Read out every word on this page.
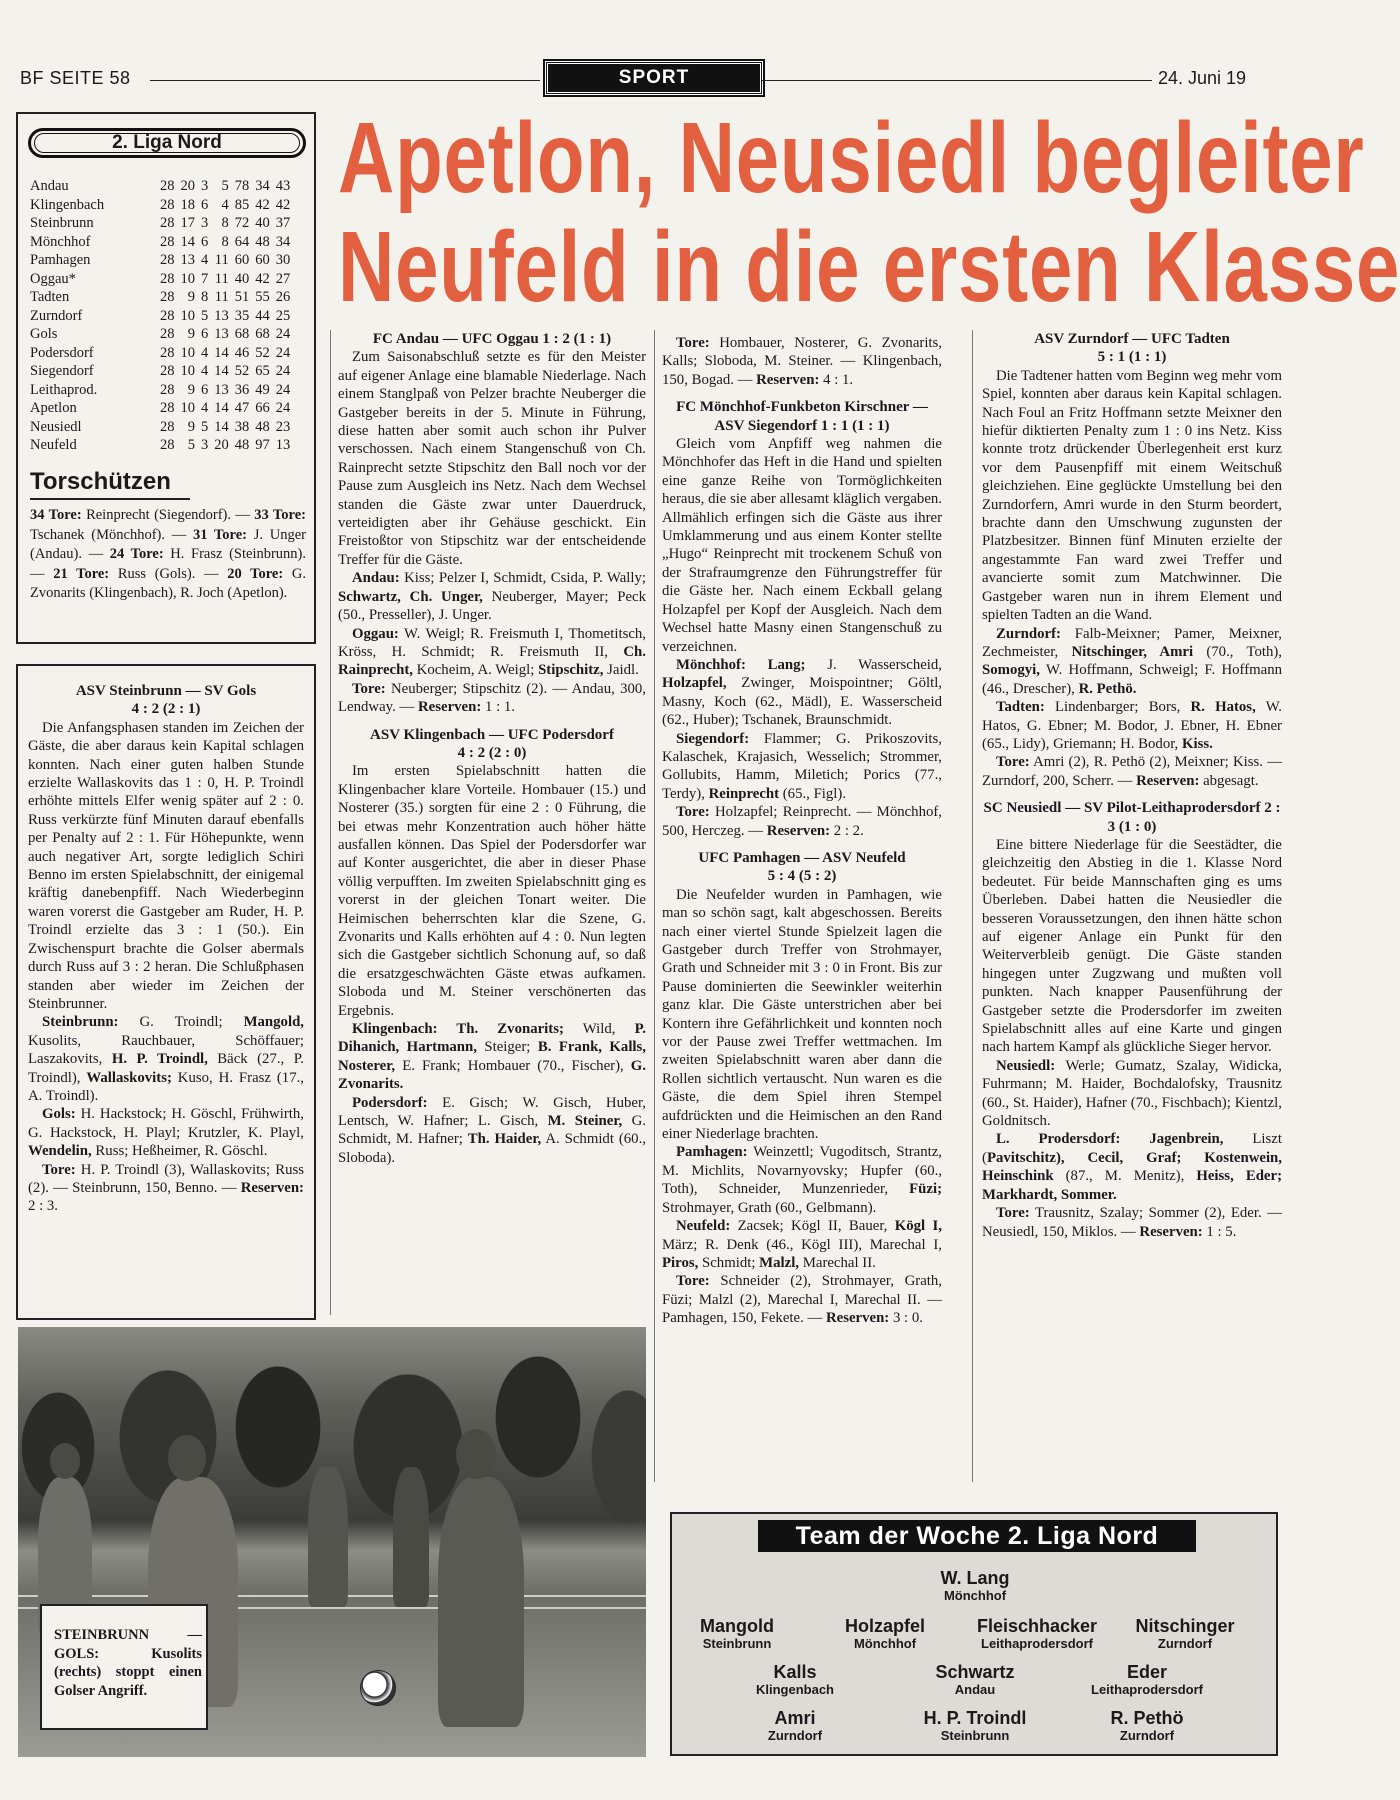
BF SEITE 58	SPORT	24. Juni 19
Apetlon, Neusiedl begleiter
Neufeld in die ersten Klasse
2. Liga Nord
Andau	28	20	3	5	78	34	43
Klingenbach	28	18	6	4	85	42	42
Steinbrunn	28	17	3	8	72	40	37
Mönchhof	28	14	6	8	64	48	34
Pamhagen	28	13	4	11	60	60	30
Oggau*	28	10	7	11	40	42	27
Tadten	28	9	8	11	51	55	26
Zurndorf	28	10	5	13	35	44	25
Gols	28	9	6	13	68	68	24
Podersdorf	28	10	4	14	46	52	24
Siegendorf	28	10	4	14	52	65	24
Leithaprod.	28	9	6	13	36	49	24
Apetlon	28	10	4	14	47	66	24
Neusiedl	28	9	5	14	38	48	23
Neufeld	28	5	3	20	48	97	13
Torschützen
34 Tore: Reinprecht (Siegendorf). — 33 Tore: Tschanek (Mönchhof). — 31 Tore: J. Unger (Andau). — 24 Tore: H. Frasz (Steinbrunn). — 21 Tore: Russ (Gols). — 20 Tore: G. Zvonarits (Klingenbach), R. Joch (Apetlon).
ASV Steinbrunn — SV Gols
4 : 2 (2 : 1)

Die Anfangsphasen standen im Zeichen der Gäste, die aber daraus kein Kapital schlagen konnten. Nach einer guten halben Stunde erzielte Wallaskovits das 1 : 0, H. P. Troindl erhöhte mittels Elfer wenig später auf 2 : 0. Russ verkürzte fünf Minuten darauf ebenfalls per Penalty auf 2 : 1. Für Höhepunkte, wenn auch negativer Art, sorgte lediglich Schiri Benno im ersten Spielabschnitt, der einigemal kräftig danebenpfiff. Nach Wiederbeginn waren vorerst die Gastgeber am Ruder, H. P. Troindl erzielte das 3 : 1 (50.). Ein Zwischenspurt brachte die Golser abermals durch Russ auf 3 : 2 heran. Die Schlußphasen standen aber wieder im Zeichen der Steinbrunner.

Steinbrunn: G. Troindl; Mangold, Kusolits, Rauchbauer, Schöffauer; Laszakovits, H. P. Troindl, Bäck (27., P. Troindl), Wallaskovits; Kuso, H. Frasz (17., A. Troindl).

Gols: H. Hackstock; H. Göschl, Frühwirth, G. Hackstock, H. Playl; Krutzler, K. Playl, Wendelin, Russ; Heßheimer, R. Göschl.

Tore: H. P. Troindl (3), Wallaskovits; Russ (2). — Steinbrunn, 150, Benno. — Reserven: 2 : 3.

FC Andau — UFC Oggau 1 : 2 (1 : 1)

Zum Saisonabschluß setzte es für den Meister auf eigener Anlage eine blamable Niederlage. Nach einem Stanglpaß von Pelzer brachte Neuberger die Gastgeber bereits in der 5. Minute in Führung, diese hatten aber somit auch schon ihr Pulver verschossen. Nach einem Stangenschuß von Ch. Rainprecht setzte Stipschitz den Ball noch vor der Pause zum Ausgleich ins Netz. Nach dem Wechsel standen die Gäste zwar unter Dauerdruck, verteidigten aber ihr Gehäuse geschickt. Ein Freistoßtor von Stipschitz war der entscheidende Treffer für die Gäste.

Andau: Kiss; Pelzer I, Schmidt, Csida, P. Wally; Schwartz, Ch. Unger, Neuberger, Mayer; Peck (50., Presseller), J. Unger.

Oggau: W. Weigl; R. Freismuth I, Thometitsch, Kröss, H. Schmidt; R. Freismuth II, Ch. Rainprecht, Kocheim, A. Weigl; Stipschitz, Jaidl.

Tore: Neuberger; Stipschitz (2). — Andau, 300, Lendway. — Reserven: 1 : 1.

ASV Klingenbach — UFC Podersdorf
4 : 2 (2 : 0)

Im ersten Spielabschnitt hatten die Klingenbacher klare Vorteile. Hombauer (15.) und Nosterer (35.) sorgten für eine 2 : 0 Führung, die bei etwas mehr Konzentration auch höher hätte ausfallen können. Das Spiel der Podersdorfer war auf Konter ausgerichtet, die aber in dieser Phase völlig verpufften. Im zweiten Spielabschnitt ging es vorerst in der gleichen Tonart weiter. Die Heimischen beherrschten klar die Szene, G. Zvonarits und Kalls erhöhten auf 4 : 0. Nun legten sich die Gastgeber sichtlich Schonung auf, so daß die ersatzgeschwächten Gäste etwas aufkamen. Sloboda und M. Steiner verschönerten das Ergebnis.

Klingenbach: Th. Zvonarits; Wild, P. Dihanich, Hartmann, Steiger; B. Frank, Kalls, Nosterer, E. Frank; Hombauer (70., Fischer), G. Zvonarits.

Podersdorf: E. Gisch; W. Gisch, Huber, Lentsch, W. Hafner; L. Gisch, M. Steiner, G. Schmidt, M. Hafner; Th. Haider, A. Schmidt (60., Sloboda).

Tore: Hombauer, Nosterer, G. Zvonarits, Kalls; Sloboda, M. Steiner. — Klingenbach, 150, Bogad. — Reserven: 4 : 1.

FC Mönchhof-Funkbeton Kirschner —
ASV Siegendorf 1 : 1 (1 : 1)

Gleich vom Anpfiff weg nahmen die Mönchhofer das Heft in die Hand und spielten eine ganze Reihe von Tormöglichkeiten heraus, die sie aber allesamt kläglich vergaben. Allmählich erfingen sich die Gäste aus ihrer Umklammerung und aus einem Konter stellte „Hugo“ Reinprecht mit trockenem Schuß von der Strafraumgrenze den Führungstreffer für die Gäste her. Nach einem Eckball gelang Holzapfel per Kopf der Ausgleich. Nach dem Wechsel hatte Masny einen Stangenschuß zu verzeichnen.

Mönchhof: Lang; J. Wasserscheid, Holzapfel, Zwinger, Moispointner; Göltl, Masny, Koch (62., Mädl), E. Wasserscheid (62., Huber); Tschanek, Braunschmidt.

Siegendorf: Flammer; G. Prikoszovits, Kalaschek, Krajasich, Wesselich; Strommer, Gollubits, Hamm, Miletich; Porics (77., Terdy), Reinprecht (65., Figl).

Tore: Holzapfel; Reinprecht. — Mönchhof, 500, Herczeg. — Reserven: 2 : 2.

UFC Pamhagen — ASV Neufeld
5 : 4 (5 : 2)

Die Neufelder wurden in Pamhagen, wie man so schön sagt, kalt abgeschossen. Bereits nach einer viertel Stunde Spielzeit lagen die Gastgeber durch Treffer von Strohmayer, Grath und Schneider mit 3 : 0 in Front. Bis zur Pause dominierten die Seewinkler weiterhin ganz klar. Die Gäste unterstrichen aber bei Kontern ihre Gefährlichkeit und konnten noch vor der Pause zwei Treffer wettmachen. Im zweiten Spielabschnitt waren aber dann die Rollen sichtlich vertauscht. Nun waren es die Gäste, die dem Spiel ihren Stempel aufdrückten und die Heimischen an den Rand einer Niederlage brachten.

Pamhagen: Weinzettl; Vugoditsch, Strantz, M. Michlits, Novarnyovsky; Hupfer (60., Toth), Schneider, Munzenrieder, Füzi; Strohmayer, Grath (60., Gelbmann).

Neufeld: Zacsek; Kögl II, Bauer, Kögl I, März; R. Denk (46., Kögl III), Marechal I, Piros, Schmidt; Malzl, Marechal II.

Tore: Schneider (2), Strohmayer, Grath, Füzi; Malzl (2), Marechal I, Marechal II. — Pamhagen, 150, Fekete. — Reserven: 3 : 0.

ASV Zurndorf — UFC Tadten
5 : 1 (1 : 1)

Die Tadtener hatten vom Beginn weg mehr vom Spiel, konnten aber daraus kein Kapital schlagen. Nach Foul an Fritz Hoffmann setzte Meixner den hiefür diktierten Penalty zum 1 : 0 ins Netz. Kiss konnte trotz drückender Überlegenheit erst kurz vor dem Pausenpfiff mit einem Weitschuß gleichziehen. Eine geglückte Umstellung bei den Zurndorfern, Amri wurde in den Sturm beordert, brachte dann den Umschwung zugunsten der Platzbesitzer. Binnen fünf Minuten erzielte der angestammte Fan ward zwei Treffer und avancierte somit zum Matchwinner. Die Gastgeber waren nun in ihrem Element und spielten Tadten an die Wand.

Zurndorf: Falb-Meixner; Pamer, Meixner, Zechmeister, Nitschinger, Amri (70., Toth), Somogyi, W. Hoffmann, Schweigl; F. Hoffmann (46., Drescher), R. Pethö.

Tadten: Lindenbarger; Bors, R. Hatos, W. Hatos, G. Ebner; M. Bodor, J. Ebner, H. Ebner (65., Lidy), Griemann; H. Bodor, Kiss.

Tore: Amri (2), R. Pethö (2), Meixner; Kiss. — Zurndorf, 200, Scherr. — Reserven: abgesagt.

SC Neusiedl — SV Pilot-Leithaprodersdorf 2 : 3 (1 : 0)

Eine bittere Niederlage für die Seestädter, die gleichzeitig den Abstieg in die 1. Klasse Nord bedeutet. Für beide Mannschaften ging es ums Überleben. Dabei hatten die Neusiedler die besseren Voraussetzungen, den ihnen hätte schon auf eigener Anlage ein Punkt für den Weiterverbleib genügt. Die Gäste standen hingegen unter Zugzwang und mußten voll punkten. Nach knapper Pausenführung der Gastgeber setzte die Prodersdorfer im zweiten Spielabschnitt alles auf eine Karte und gingen nach hartem Kampf als glückliche Sieger hervor.

Neusiedl: Werle; Gumatz, Szalay, Widicka, Fuhrmann; M. Haider, Bochdalofsky, Trausnitz (60., St. Haider), Hafner (70., Fischbach); Kientzl, Goldnitsch.

L. Prodersdorf: Jagenbrein, Liszt (Pavitschitz), Cecil, Graf; Kostenwein, Heinschink (87., M. Menitz), Heiss, Eder; Markhardt, Sommer.

Tore: Trausnitz, Szalay; Sommer (2), Eder. — Neusiedl, 150, Miklos. — Reserven: 1 : 5.

STEINBRUNN — GOLS: Kusolits (rechts) stoppt einen Golser Angriff.
Team der Woche 2. Liga Nord
W. Lang
Mönchhof
Mangold
Steinbrunn
Holzapfel
Mönchhof
Fleischhacker
Leithaprodersdorf
Nitschinger
Zurndorf
Kalls
Klingenbach
Schwartz
Andau
Eder
Leithaprodersdorf
Amri
Zurndorf
H. P. Troindl
Steinbrunn
R. Pethö
Zurndorf
